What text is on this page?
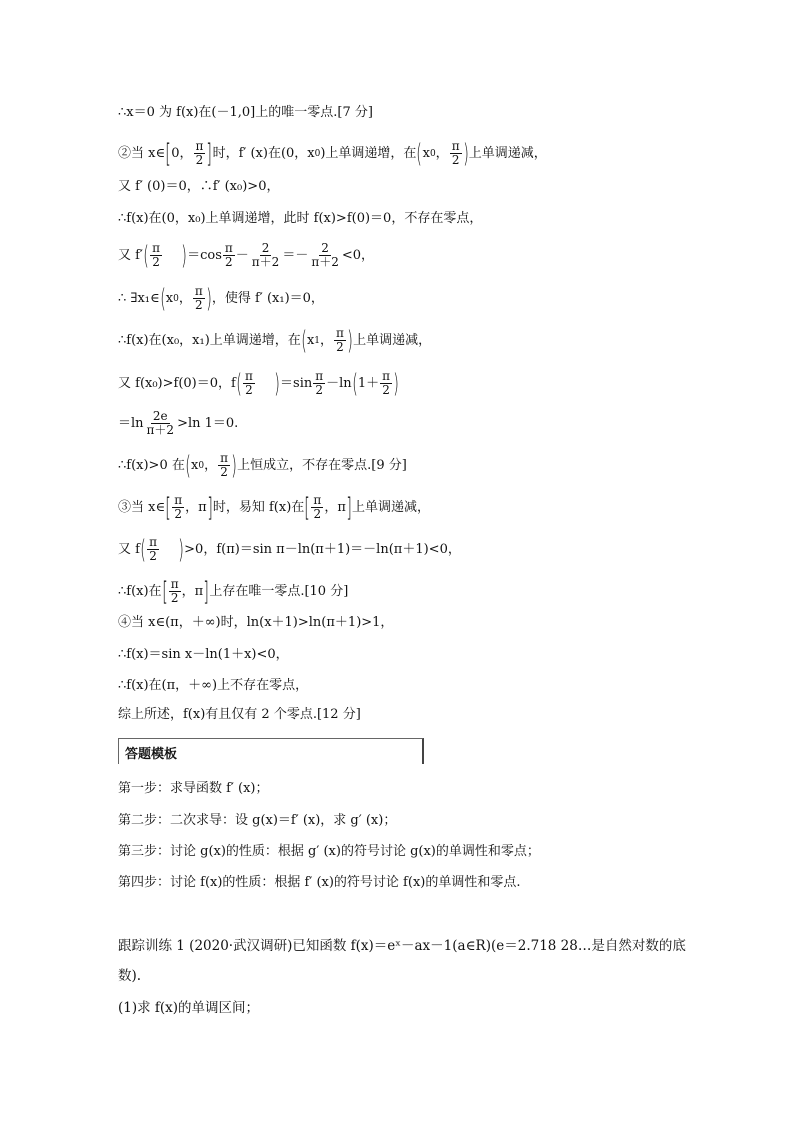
∴x＝0 为 f(x)在(－1,0]上的唯一零点.[7 分]
②当 x∈ [ 0， $\frac{\pi}{2}$ ] 时，f′ (x)在(0，x 0 )上单调递增，在 ( x 0 ， $\frac{\pi}{2}$ ) 上单调递减，
又 f′ (0)＝0，∴f′ (x₀)>0，
∴f(x)在(0，x₀)上单调递增，此时 f(x)>f(0)＝0，不存在零点，
又 f′ ( $\frac{\pi}{2}$ ) $=\cos \frac{\pi}{2} - \frac{2}{\pi+2} =- \frac{2}{\pi+2} <0$，
∴ ∃x₁∈ ( x 0 ， $\frac{\pi}{2}$ ) ，使得 f′ (x₁)＝0，
∴f(x)在(x₀，x₁)上单调递增，在 ( x 1 ， $\frac{\pi}{2}$ ) 上单调递减，
又 f(x₀)>f(0)＝0，f ( $\frac{\pi}{2}$ ) $=\sin \frac{\pi}{2} -\ln$ ( $1+ \frac{\pi}{2}$ )
$=\ln \frac{2e}{\pi+2} >\ln$ 1＝0.
∴f(x)>0 在 ( x 0 ， $\frac{\pi}{2}$ ) 上恒成立，不存在零点.[9 分]
③当 x∈ [ $\frac{\pi}{2}$ ，π ] 时，易知 f(x)在 [ $\frac{\pi}{2}$ ，π ] 上单调递减，
又 f ( $\frac{\pi}{2}$ ) >0，f(π)＝sin π－ln(π＋1)＝－ln(π＋1)<0，
∴f(x)在 [ $\frac{\pi}{2}$ ，π ] 上存在唯一零点.[10 分]
④当 x∈(π，＋∞)时，ln(x＋1)>ln(π＋1)>1，
∴f(x)＝sin x－ln(1＋x)<0，
∴f(x)在(π，＋∞)上不存在零点，
综上所述，f(x)有且仅有 2 个零点.[12 分]
答题模板
第一步：求导函数 f′ (x)；
第二步：二次求导：设 g(x)＝f′ (x)，求 g′ (x)；
第三步：讨论 g(x)的性质：根据 g′ (x)的符号讨论 g(x)的单调性和零点；
第四步：讨论 f(x)的性质：根据 f′ (x)的符号讨论 f(x)的单调性和零点.
跟踪训练 1 (2020·武汉调研)已知函数 f(x)＝eˣ－ax－1(a∈R)(e＝2.718 28…是自然对数的底
数).
(1)求 f(x)的单调区间；
